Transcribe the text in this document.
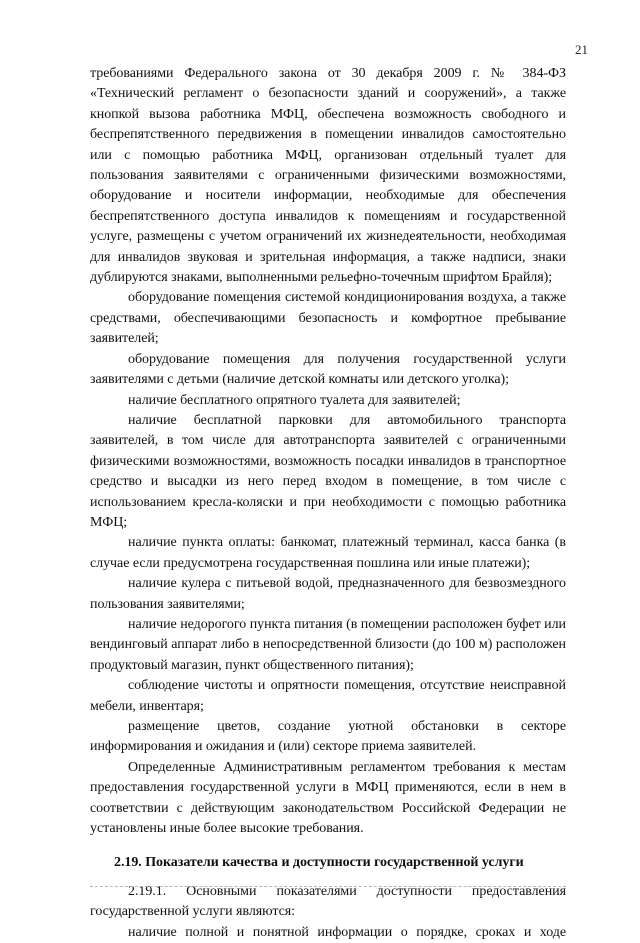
21

требованиями Федерального закона от 30 декабря 2009 г. № 384-ФЗ «Технический регламент о безопасности зданий и сооружений», а также кнопкой вызова работника МФЦ, обеспечена возможность свободного и беспрепятственного передвижения в помещении инвалидов самостоятельно или с помощью работника МФЦ, организован отдельный туалет для пользования заявителями с ограниченными физическими возможностями, оборудование и носители информации, необходимые для обеспечения беспрепятственного доступа инвалидов к помещениям и государственной услуге, размещены с учетом ограничений их жизнедеятельности, необходимая для инвалидов звуковая и зрительная информация, а также надписи, знаки дублируются знаками, выполненными рельефно-точечным шрифтом Брайля);

оборудование помещения системой кондиционирования воздуха, а также средствами, обеспечивающими безопасность и комфортное пребывание заявителей;

оборудование помещения для получения государственной услуги заявителями с детьми (наличие детской комнаты или детского уголка);

наличие бесплатного опрятного туалета для заявителей;

наличие бесплатной парковки для автомобильного транспорта заявителей, в том числе для автотранспорта заявителей с ограниченными физическими возможностями, возможность посадки инвалидов в транспортное средство и высадки из него перед входом в помещение, в том числе с использованием кресла-коляски и при необходимости с помощью работника МФЦ;

наличие пункта оплаты: банкомат, платежный терминал, касса банка (в случае если предусмотрена государственная пошлина или иные платежи);

наличие кулера с питьевой водой, предназначенного для безвозмездного пользования заявителями;

наличие недорогого пункта питания (в помещении расположен буфет или вендинговый аппарат либо в непосредственной близости (до 100 м) расположен продуктовый магазин, пункт общественного питания);

соблюдение чистоты и опрятности помещения, отсутствие неисправной мебели, инвентаря;

размещение цветов, создание уютной обстановки в секторе информирования и ожидания и (или) секторе приема заявителей.

Определенные Административным регламентом требования к местам предоставления государственной услуги в МФЦ применяются, если в нем в соответствии с действующим законодательством Российской Федерации не установлены иные более высокие требования.

2.19. Показатели качества и доступности государственной услуги

2.19.1. Основными показателями доступности предоставления государственной услуги являются:

наличие полной и понятной информации о порядке, сроках и ходе
